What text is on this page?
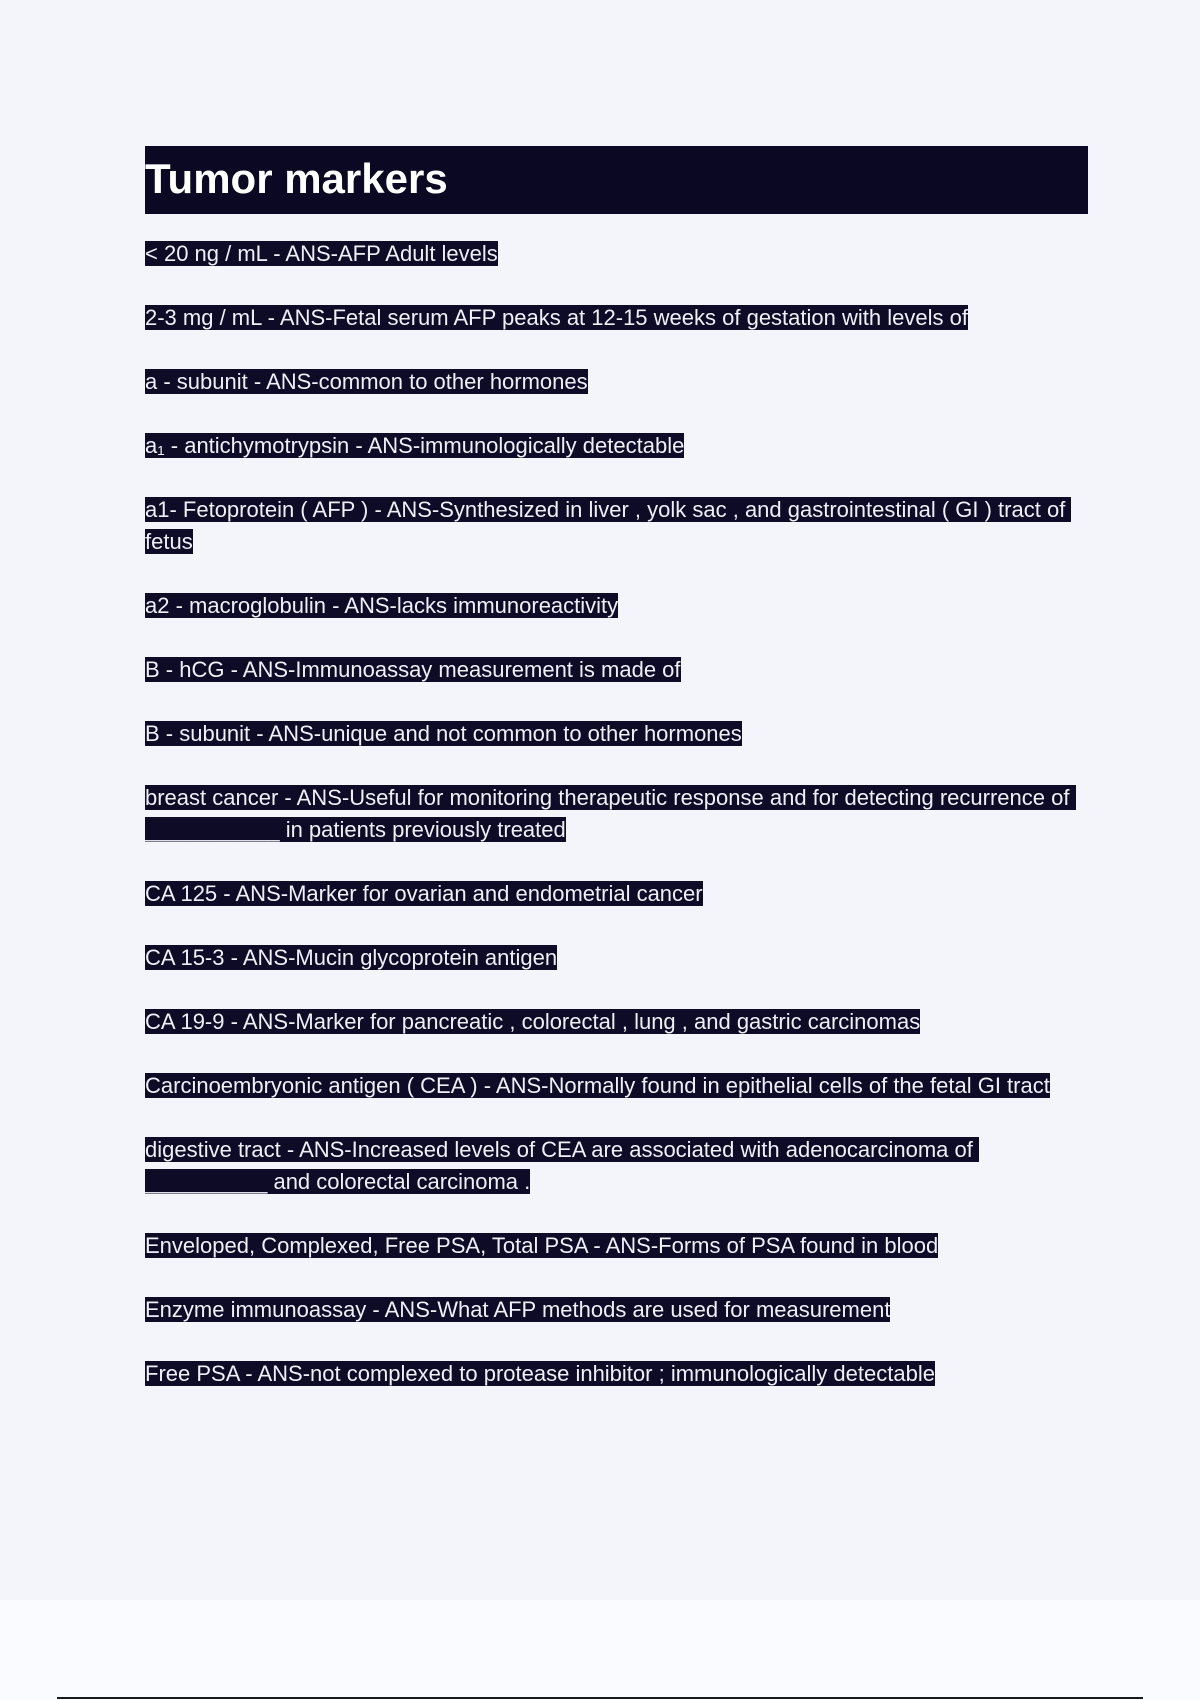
Tumor markers

< 20 ng / mL - ANS-AFP Adult levels

2-3 mg / mL - ANS-Fetal serum AFP peaks at 12-15 weeks of gestation with levels of

a - subunit - ANS-common to other hormones

a₁ - antichymotrypsin - ANS-immunologically detectable

a1- Fetoprotein ( AFP ) - ANS-Synthesized in liver , yolk sac , and gastrointestinal ( GI ) tract of fetus

a2 - macroglobulin - ANS-lacks immunoreactivity

B - hCG - ANS-Immunoassay measurement is made of

B - subunit - ANS-unique and not common to other hormones

breast cancer - ANS-Useful for monitoring therapeutic response and for detecting recurrence of ___________ in patients previously treated

CA 125 - ANS-Marker for ovarian and endometrial cancer

CA 15-3 - ANS-Mucin glycoprotein antigen

CA 19-9 - ANS-Marker for pancreatic , colorectal , lung , and gastric carcinomas

Carcinoembryonic antigen ( CEA ) - ANS-Normally found in epithelial cells of the fetal GI tract

digestive tract - ANS-Increased levels of CEA are associated with adenocarcinoma of __________ and colorectal carcinoma .

Enveloped, Complexed, Free PSA, Total PSA - ANS-Forms of PSA found in blood

Enzyme immunoassay - ANS-What AFP methods are used for measurement

Free PSA - ANS-not complexed to protease inhibitor ; immunologically detectable
